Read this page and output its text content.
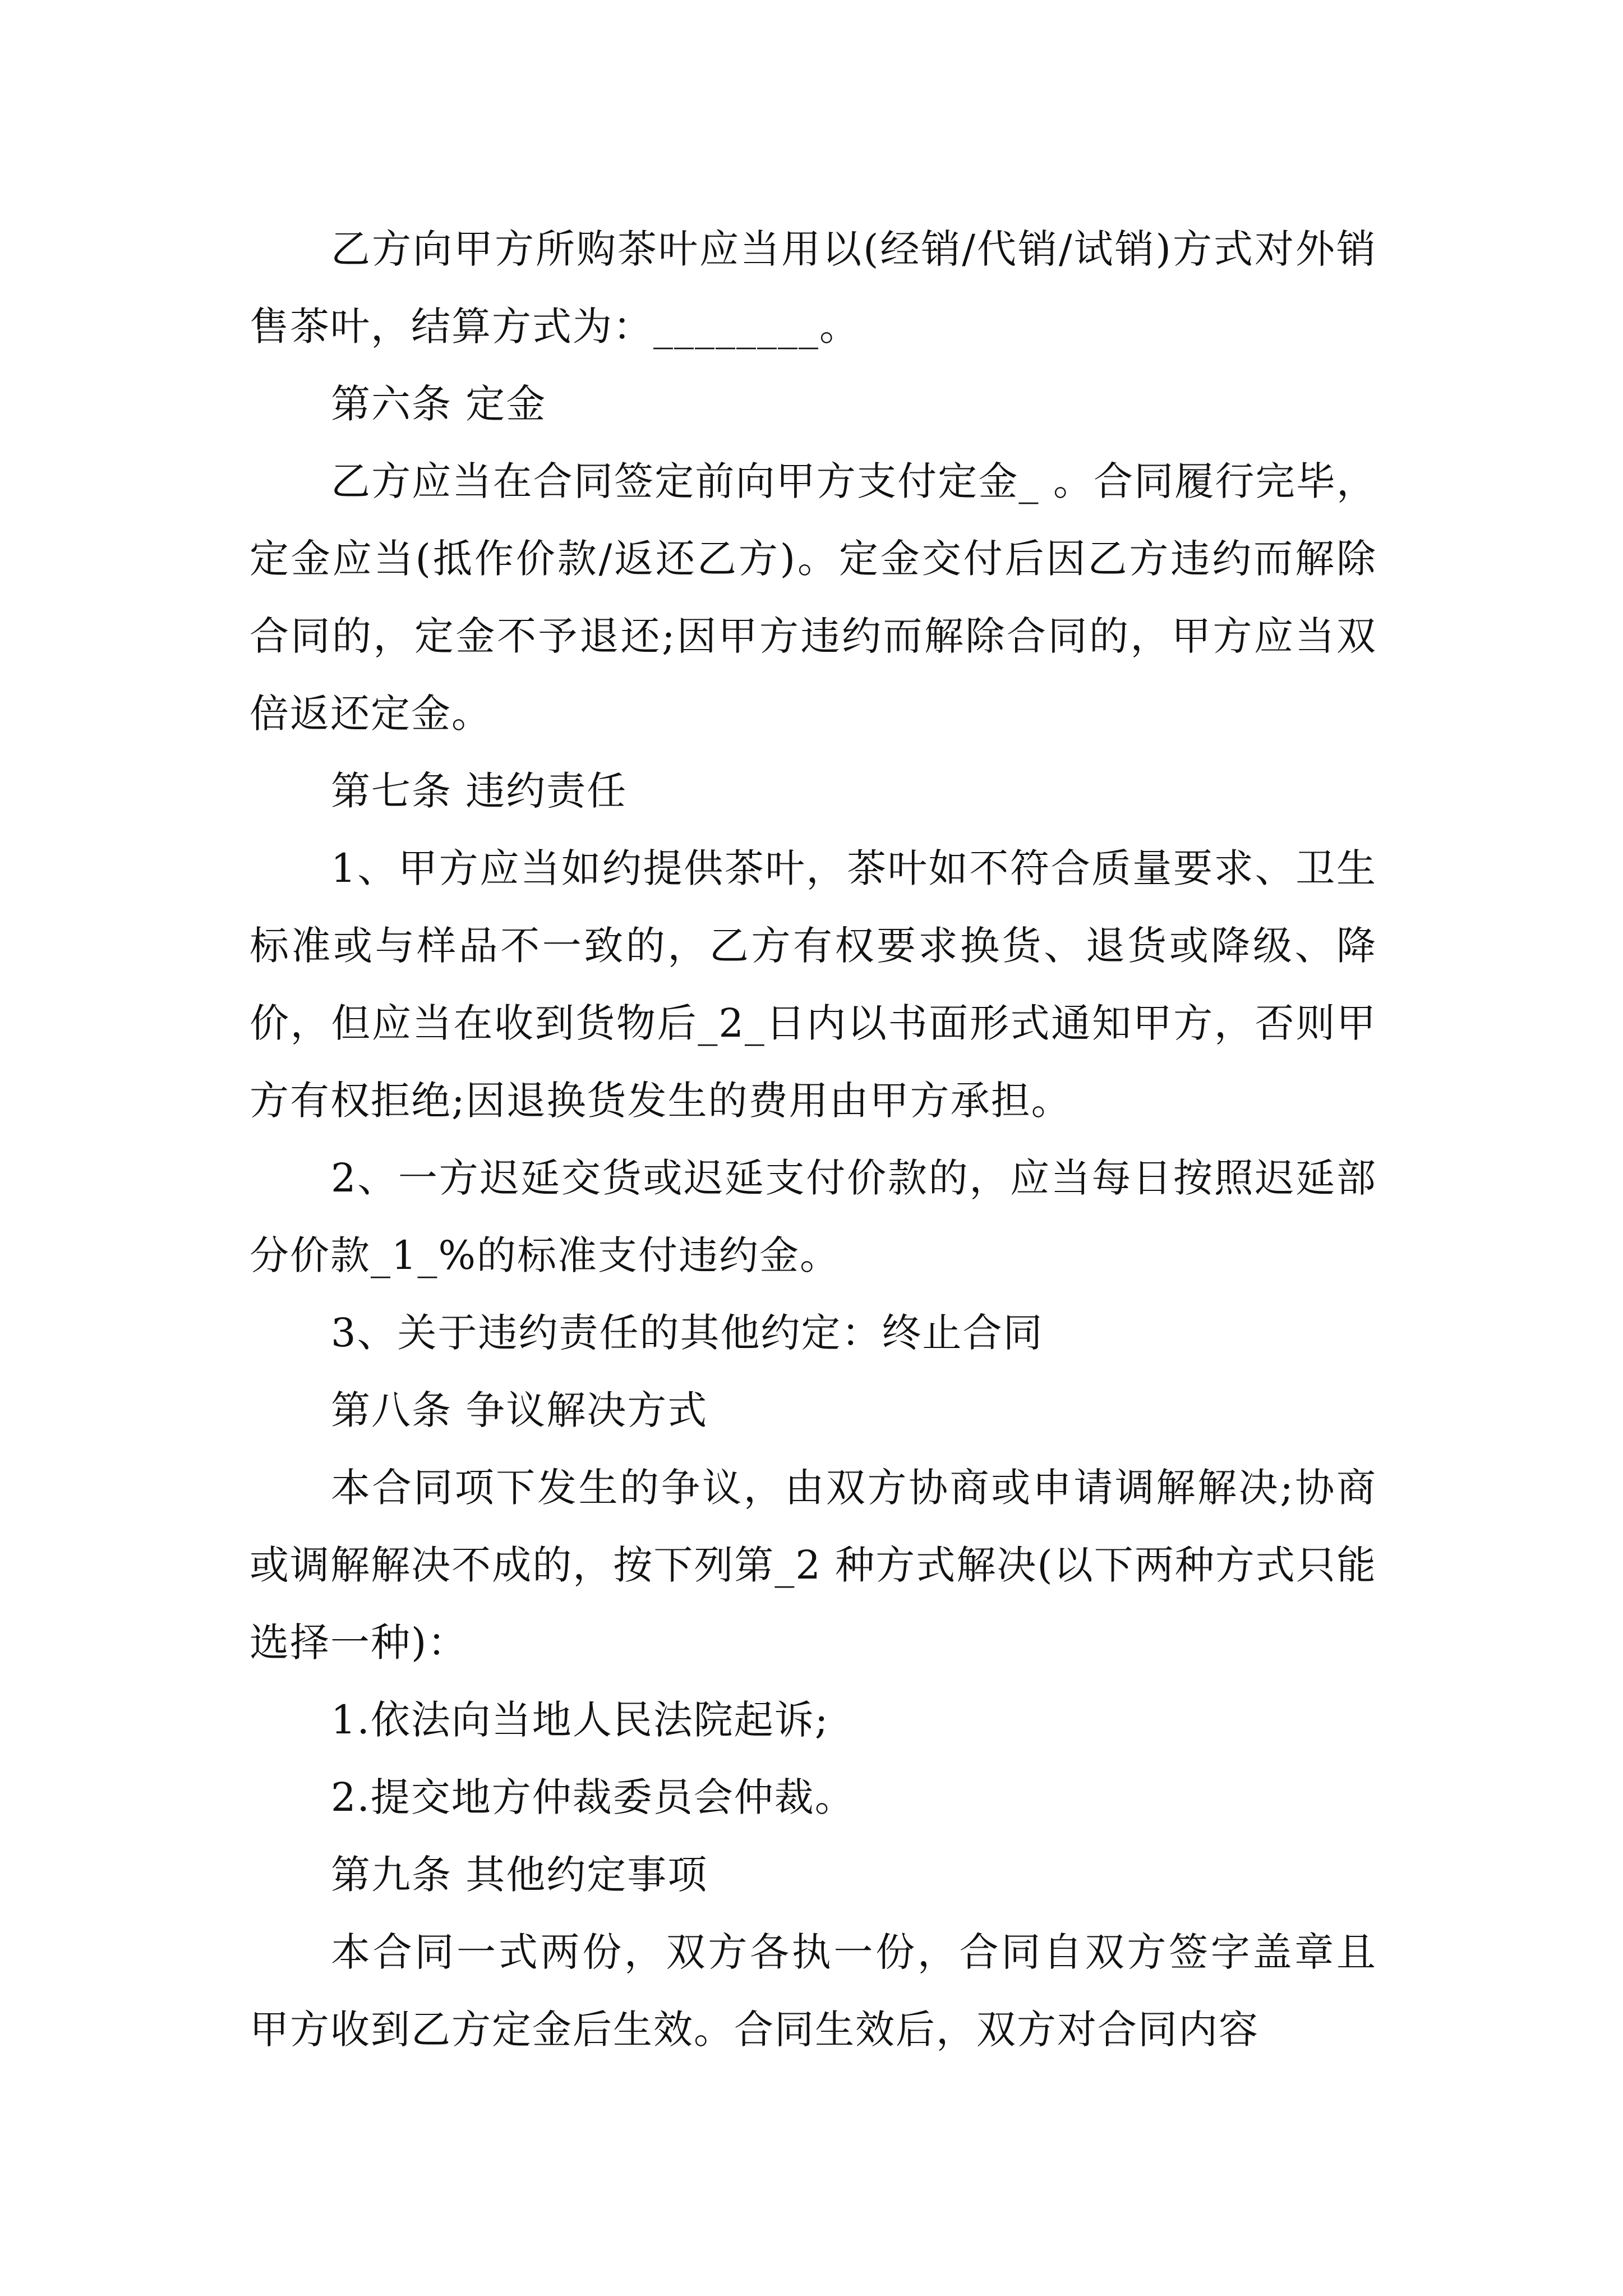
乙方向甲方所购茶叶应当用以(经销/代销/试销)方式对外销售茶叶，结算方式为：________。

第六条 定金

乙方应当在合同签定前向甲方支付定金_ 。合同履行完毕，定金应当(抵作价款/返还乙方)。定金交付后因乙方违约而解除合同的，定金不予退还;因甲方违约而解除合同的，甲方应当双倍返还定金。

第七条 违约责任

1、甲方应当如约提供茶叶，茶叶如不符合质量要求、卫生标准或与样品不一致的，乙方有权要求换货、退货或降级、降价，但应当在收到货物后_2_日内以书面形式通知甲方，否则甲方有权拒绝;因退换货发生的费用由甲方承担。

2、一方迟延交货或迟延支付价款的，应当每日按照迟延部分价款_1_%的标准支付违约金。

3、关于违约责任的其他约定：终止合同

第八条 争议解决方式

本合同项下发生的争议，由双方协商或申请调解解决;协商或调解解决不成的，按下列第_2 种方式解决(以下两种方式只能选择一种)：

1.依法向当地人民法院起诉;

2.提交地方仲裁委员会仲裁。

第九条 其他约定事项

本合同一式两份，双方各执一份，合同自双方签字盖章且甲方收到乙方定金后生效。合同生效后，双方对合同内容
